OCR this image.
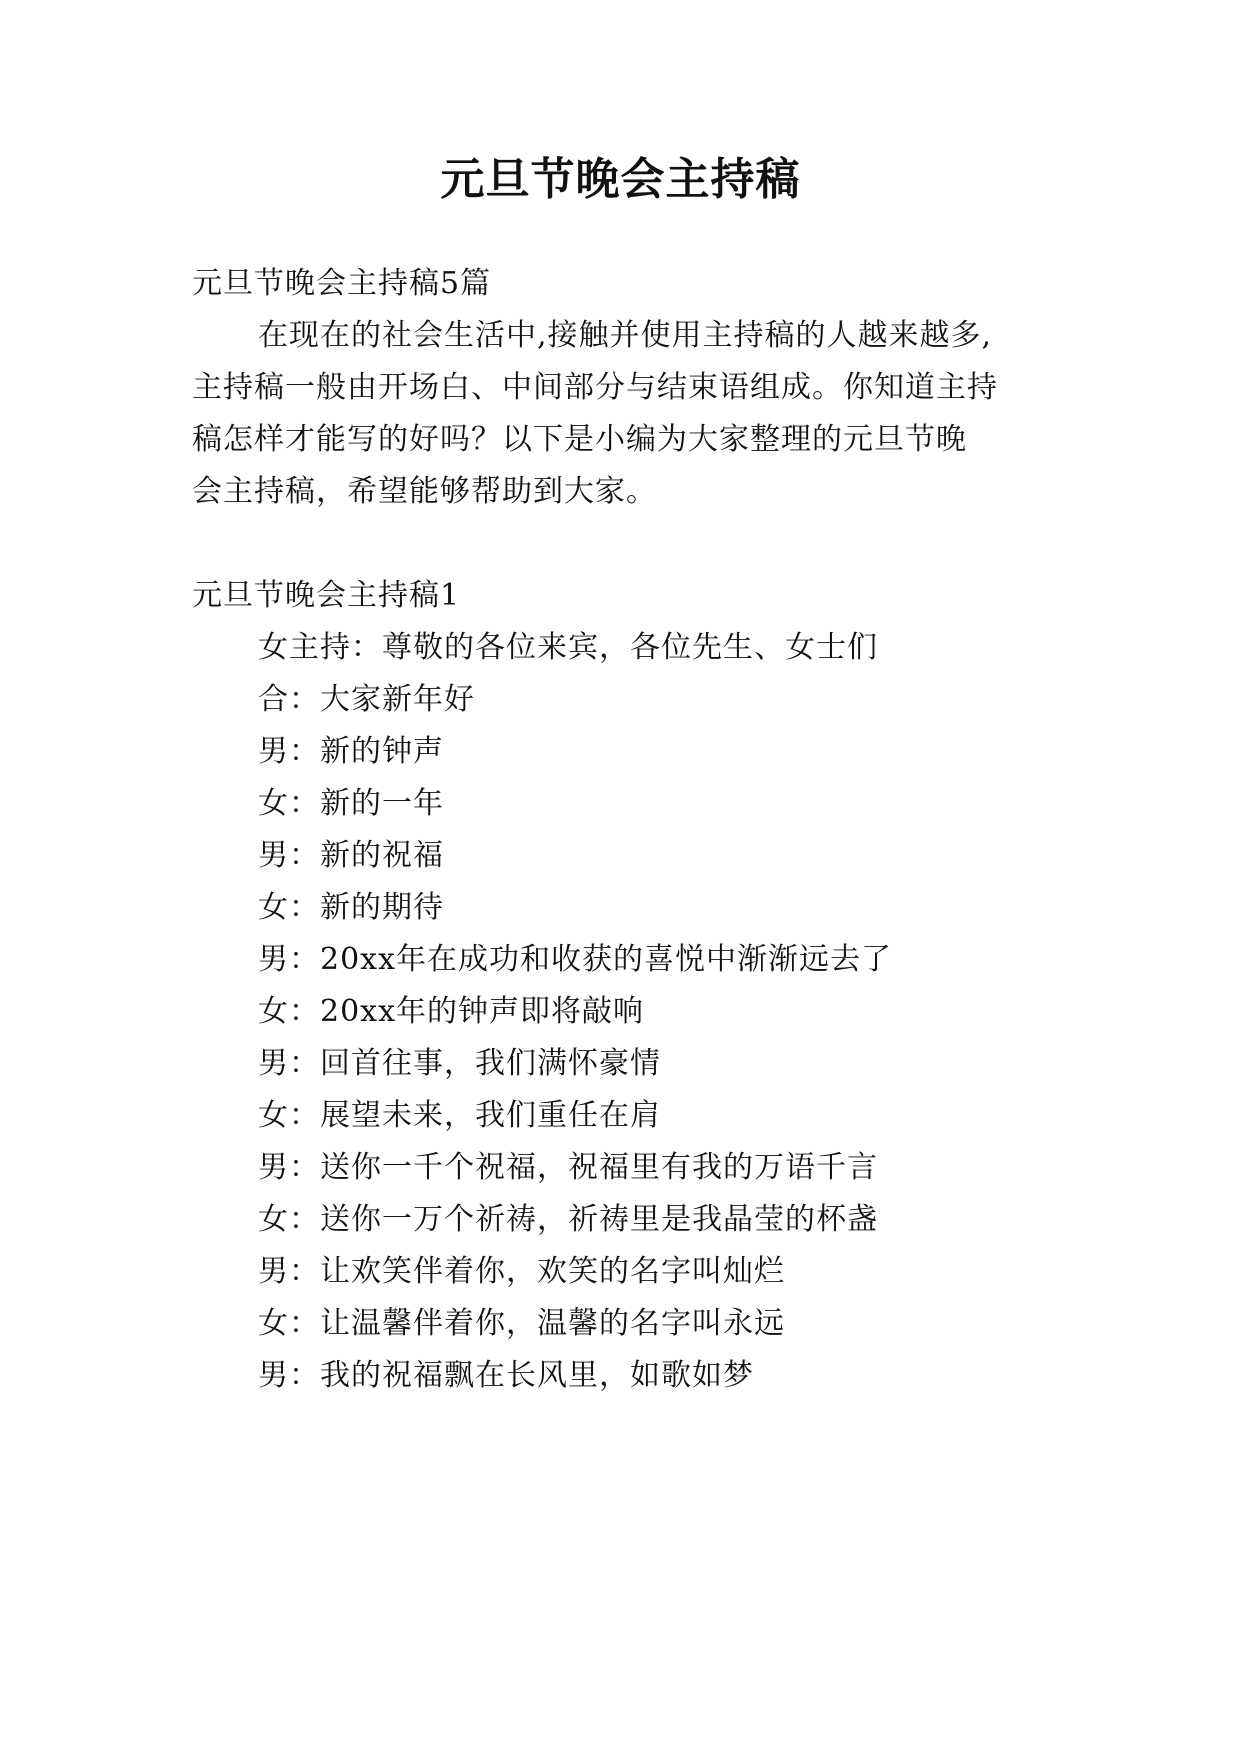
元旦节晚会主持稿
元旦节晚会主持稿5篇
在现在的社会生活中,接触并使用主持稿的人越来越多,
主持稿一般由开场白、中间部分与结束语组成。你知道主持
稿怎样才能写的好吗？以下是小编为大家整理的元旦节晚
会主持稿，希望能够帮助到大家。
元旦节晚会主持稿1
女主持：尊敬的各位来宾，各位先生、女士们
合：大家新年好
男：新的钟声
女：新的一年
男：新的祝福
女：新的期待
男：20xx年在成功和收获的喜悦中渐渐远去了
女：20xx年的钟声即将敲响
男：回首往事，我们满怀豪情
女：展望未来，我们重任在肩
男：送你一千个祝福，祝福里有我的万语千言
女：送你一万个祈祷，祈祷里是我晶莹的杯盏
男：让欢笑伴着你，欢笑的名字叫灿烂
女：让温馨伴着你，温馨的名字叫永远
男：我的祝福飘在长风里，如歌如梦
